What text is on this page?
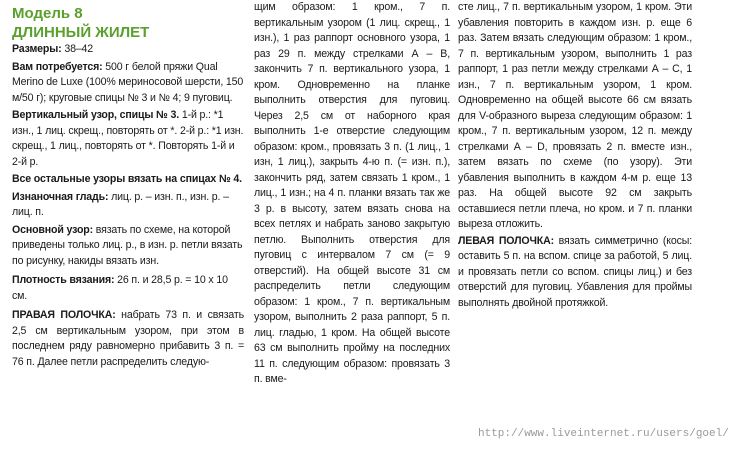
Модель 8

ДЛИННЫЙ ЖИЛЕТ

Размеры: 38–42

Вам потребуется: 500 г белой пряжи Qual Merino de Luxe (100% мериносовой шерсти, 150 м/50 г); круговые спицы № 3 и № 4; 9 пуговиц.

Вертикальный узор, спицы № 3. 1-й р.: *1 изн., 1 лиц. скрещ., повторять от *. 2-й р.: *1 изн. скрещ., 1 лиц., повторять от *. Повторять 1-й и 2-й р.

Все остальные узоры вязать на спицах № 4.

Изнаночная гладь: лиц. р. – изн. п., изн. р. – лиц. п.

Основной узор: вязать по схеме, на которой приведены только лиц. р., в изн. р. петли вязать по рисунку, накиды вязать изн.

Плотность вязания: 26 п. и 28,5 р. = 10 х 10 см.

ПРАВАЯ ПОЛОЧКА: набрать 73 п. и связать 2,5 см вертикальным узором, при этом в последнем ряду равномерно прибавить 3 п. = 76 п. Далее петли распределить следую-

щим образом: 1 кром., 7 п. вертикальным узором (1 лиц. скрещ., 1 изн.), 1 раз раппорт основного узора, 1 раз 29 п. между стрелками А – В, закончить 7 п. вертикального узора, 1 кром. Одновременно на планке выполнить отверстия для пуговиц. Через 2,5 см от наборного края выполнить 1-е отверстие следующим образом: кром., провязать 3 п. (1 лиц., 1 изн, 1 лиц.), закрыть 4-ю п. (= изн. п.), закончить ряд, затем связать 1 кром., 1 лиц., 1 изн.; на 4 п. планки вязать так же 3 р. в высоту, затем вязать снова на всех петлях и набрать заново закрытую петлю. Выполнить отверстия для пуговиц с интервалом 7 см (= 9 отверстий). На общей высоте 31 см распределить петли следующим образом: 1 кром., 7 п. вертикальным узором, выполнить 2 раза раппорт, 5 п. лиц. гладью, 1 кром. На общей высоте 63 см выполнить пройму на последних 11 п. следующим образом: провязать 3 п. вме-

сте лиц., 7 п. вертикальным узором, 1 кром. Эти убавления повторить в каждом изн. р. еще 6 раз. Затем вязать следующим образом: 1 кром., 7 п. вертикальным узором, выполнить 1 раз раппорт, 1 раз петли между стрелками А – С, 1 изн., 7 п. вертикальным узором, 1 кром. Одновременно на общей высоте 66 см вязать для V-образного выреза следующим образом: 1 кром., 7 п. вертикальным узором, 12 п. между стрелками А – D, провязать 2 п. вместе изн., затем вязать по схеме (по узору). Эти убавления выполнить в каждом 4-м р. еще 13 раз. На общей высоте 92 см закрыть оставшиеся петли плеча, но кром. и 7 п. планки выреза отложить.

ЛЕВАЯ ПОЛОЧКА: вязать симметрично (косы: оставить 5 п. на вспом. спице за работой, 5 лиц. и провязать петли со вспом. спицы лиц.) и без отверстий для пуговиц. Убавления для проймы выполнять двойной протяжкой.

http://www.liveinternet.ru/users/goel/
